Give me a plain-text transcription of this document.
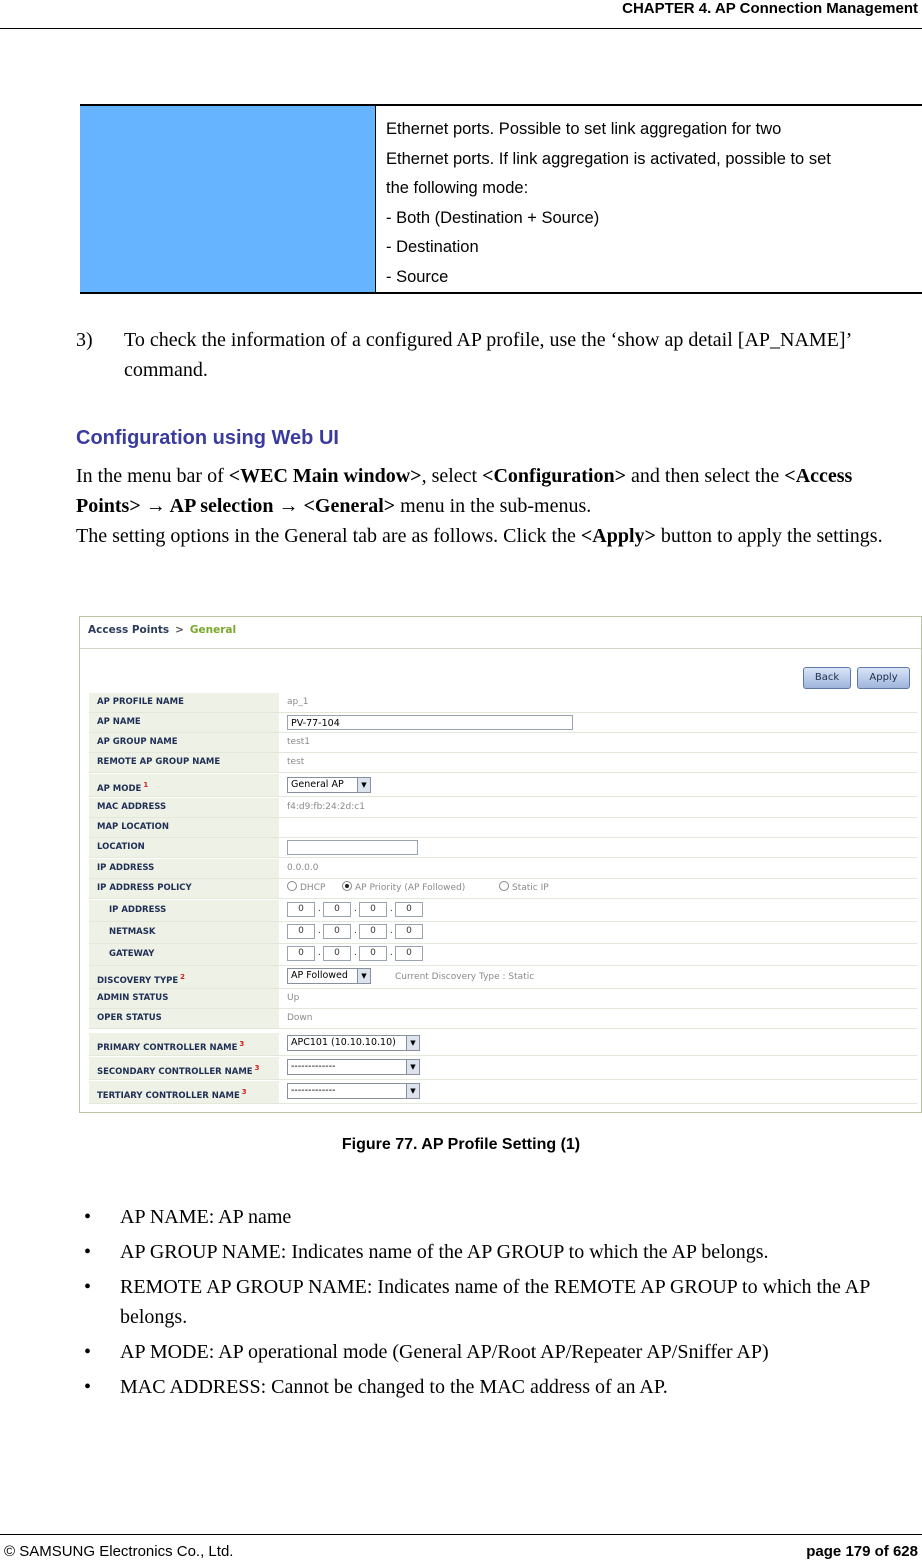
CHAPTER 4. AP Connection Management
Ethernet ports. Possible to set link aggregation for two
Ethernet ports. If link aggregation is activated, possible to set
the following mode:
- Both (Destination + Source)
- Destination
- Source
3) To check the information of a configured AP profile, use the ‘show ap detail [AP_NAME]’ command.
Configuration using Web UI

In the menu bar of <WEC Main window>, select <Configuration> and then select the <Access Points> → AP selection → <General> menu in the sub-menus.

The setting options in the General tab are as follows. Click the <Apply> button to apply the settings.

Access Points > General
Back	Apply
AP PROFILE NAME	ap_1
AP NAME	PV-77-104
AP GROUP NAME	test1
REMOTE AP GROUP NAME	test
AP MODE $^1$	General AP	▼
MAC ADDRESS	f4:d9:fb:24:2d:c1
MAP LOCATION
LOCATION
IP ADDRESS	0.0.0.0
IP ADDRESS POLICY	DHCP	AP Priority (AP Followed)	Static IP
IP ADDRESS	0	.	0	.	0	.	0
NETMASK	0	.	0	.	0	.	0
GATEWAY	0	.	0	.	0	.	0
DISCOVERY TYPE $^2$	AP Followed	▼	Current Discovery Type : Static
ADMIN STATUS	Up
OPER STATUS	Down
PRIMARY CONTROLLER NAME $^3$	APC101 (10.10.10.10)	▼
SECONDARY CONTROLLER NAME $^3$	-------------	▼
TERTIARY CONTROLLER NAME $^3$	-------------	▼
Figure 77. AP Profile Setting (1)
• AP NAME: AP name
• AP GROUP NAME: Indicates name of the AP GROUP to which the AP belongs.
• REMOTE AP GROUP NAME: Indicates name of the REMOTE AP GROUP to which the AP belongs.
• AP MODE: AP operational mode (General AP/Root AP/Repeater AP/Sniffer AP)
• MAC ADDRESS: Cannot be changed to the MAC address of an AP.
© SAMSUNG Electronics Co., Ltd.	page 179 of 628
